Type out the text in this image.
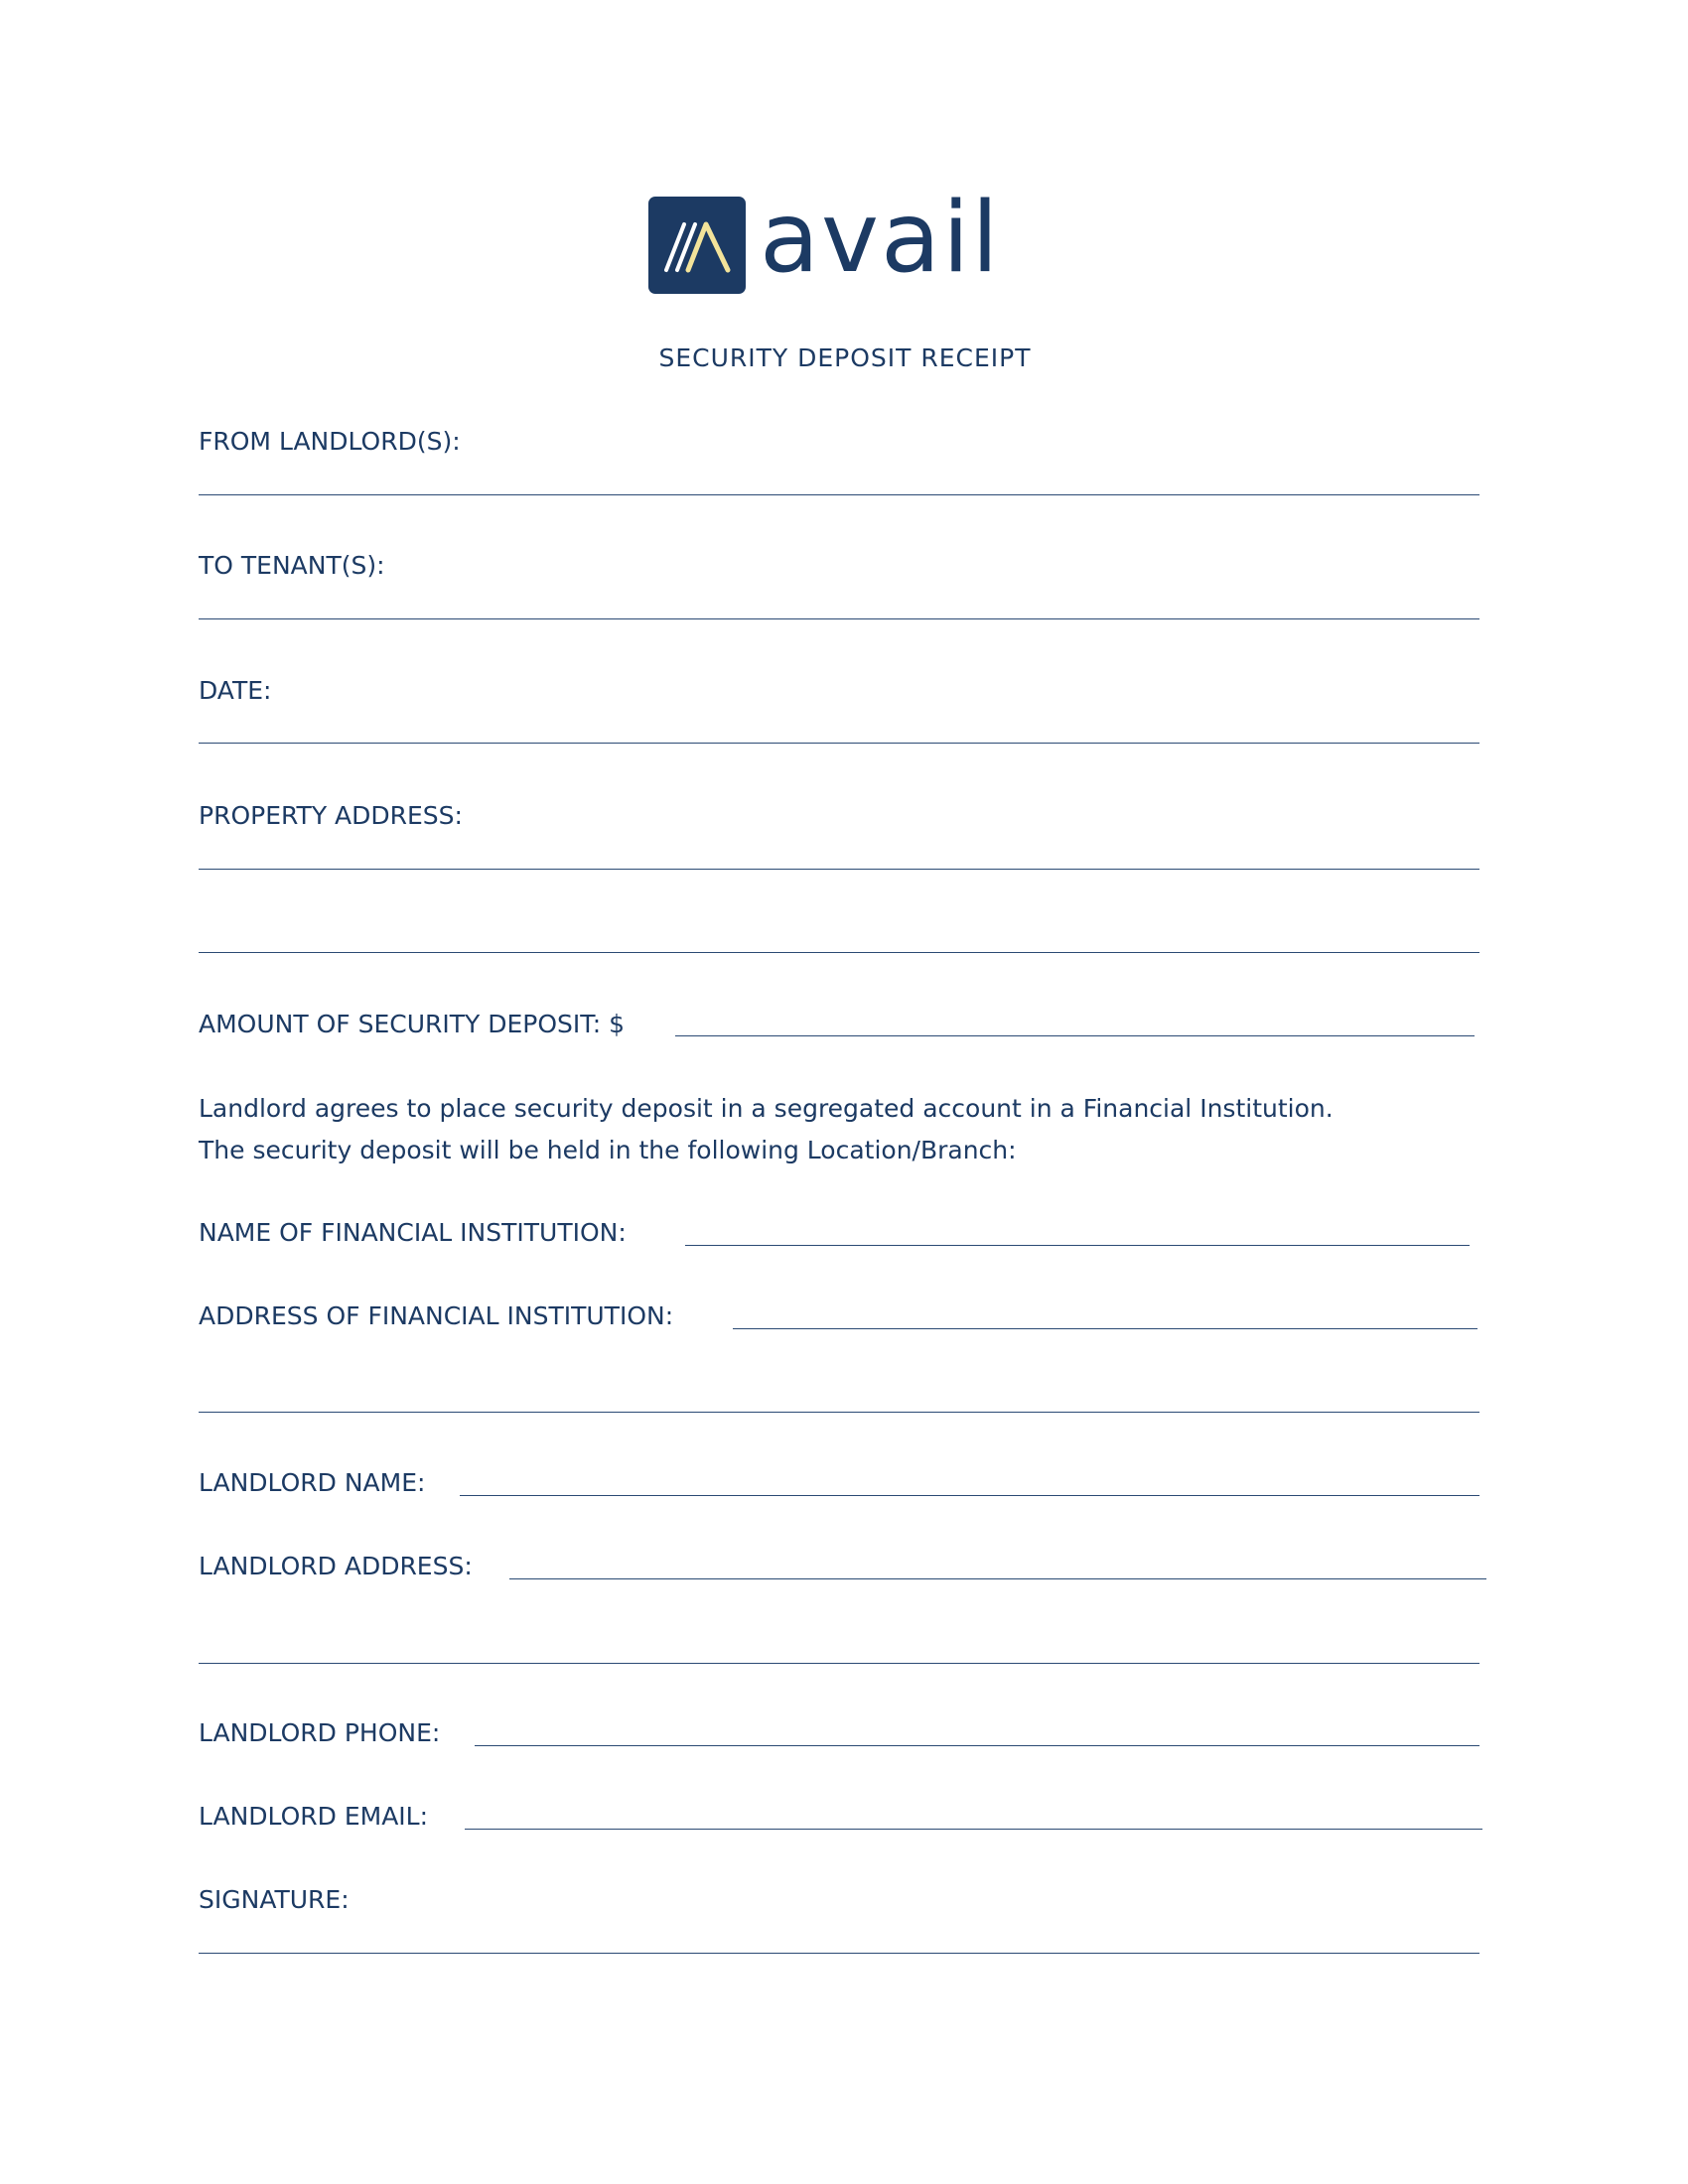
avail
SECURITY DEPOSIT RECEIPT
FROM LANDLORD(S):
TO TENANT(S):
DATE:
PROPERTY ADDRESS:
AMOUNT OF SECURITY DEPOSIT: $
Landlord agrees to place security deposit in a segregated account in a Financial Institution.
The security deposit will be held in the following Location/Branch:
NAME OF FINANCIAL INSTITUTION:
ADDRESS OF FINANCIAL INSTITUTION:
LANDLORD NAME:
LANDLORD ADDRESS:
LANDLORD PHONE:
LANDLORD EMAIL:
SIGNATURE:
